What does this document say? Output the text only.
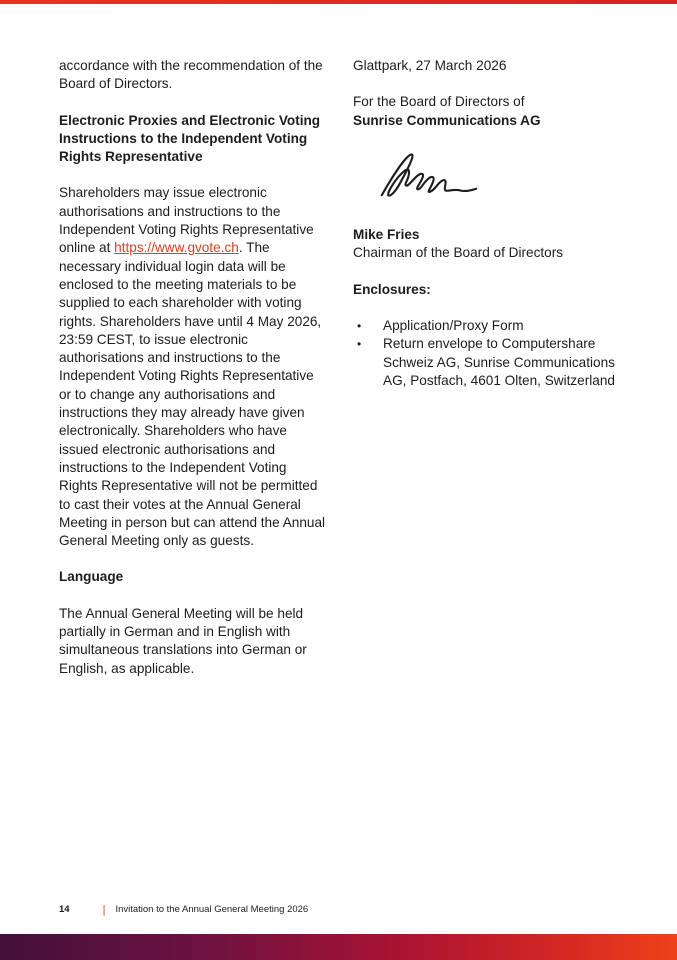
accordance with the recommendation of the Board of Directors.

Electronic Proxies and Electronic Voting Instructions to the Independent Voting Rights Representative

Shareholders may issue electronic authorisations and instructions to the Independent Voting Rights Representative online at https://www.gvote.ch. The necessary individual login data will be enclosed to the meeting materials to be supplied to each shareholder with voting rights. Shareholders have until 4 May 2026, 23:59 CEST, to issue electronic authorisations and instructions to the Independent Voting Rights Representative or to change any authorisations and instructions they may already have given electronically. Shareholders who have issued electronic authorisations and instructions to the Independent Voting Rights Representative will not be permitted to cast their votes at the Annual General Meeting in person but can attend the Annual General Meeting only as guests.

Language

The Annual General Meeting will be held partially in German and in English with simultaneous translations into German or English, as applicable.

Glattpark, 27 March 2026

For the Board of Directors of
Sunrise Communications AG

Mike Fries
Chairman of the Board of Directors

Enclosures:

•	Application/Proxy Form
•	Return envelope to Computershare Schweiz AG, Sunrise Communications AG, Postfach, 4601 Olten, Switzerland
14	| Invitation to the Annual General Meeting 2026
